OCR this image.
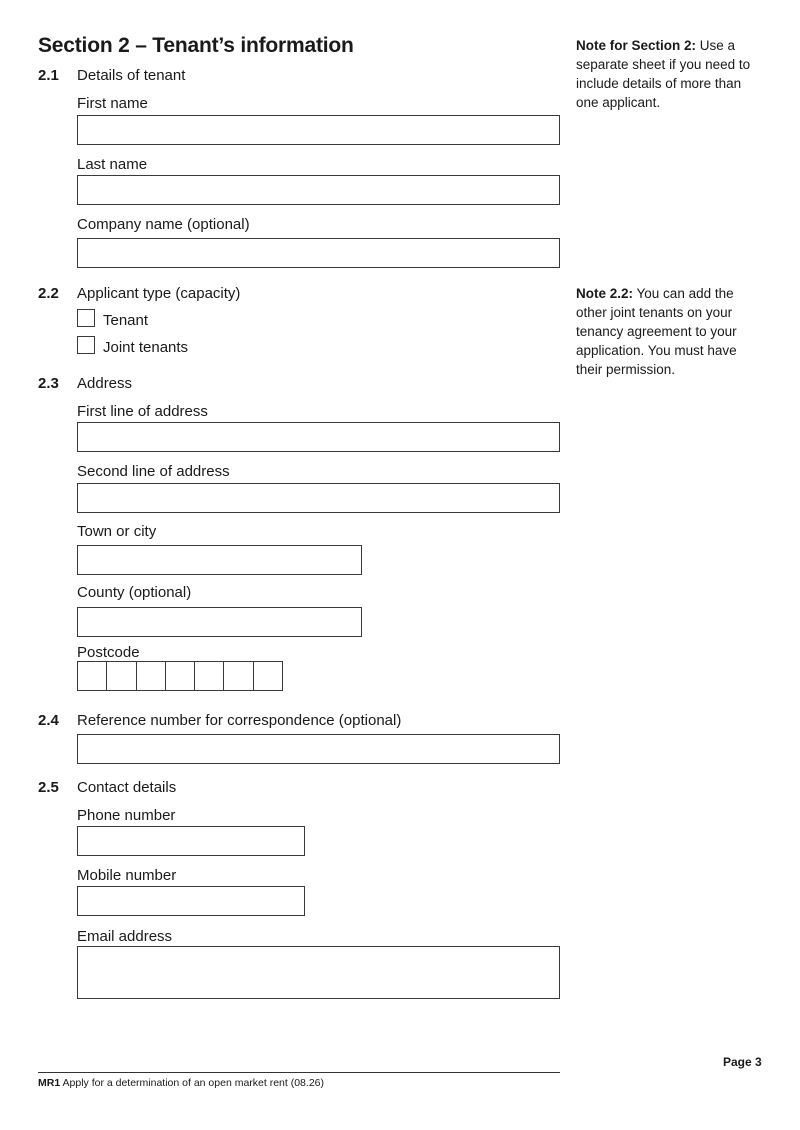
Section 2 – Tenant’s information	Note for Section 2: Use a separate sheet if you need to include details of more than one applicant.
Note 2.2: You can add the other joint tenants on your tenancy agreement to your application. You must have their permission.
2.1 Details of tenant
First name
Last name
Company name (optional)
2.2 Applicant type (capacity)
Tenant
Joint tenants
2.3 Address
First line of address
Second line of address
Town or city
County (optional)
Postcode
2.4 Reference number for correspondence (optional)
2.5 Contact details
Phone number
Mobile number
Email address
Page 3
MR1 Apply for a determination of an open market rent (08.26)
